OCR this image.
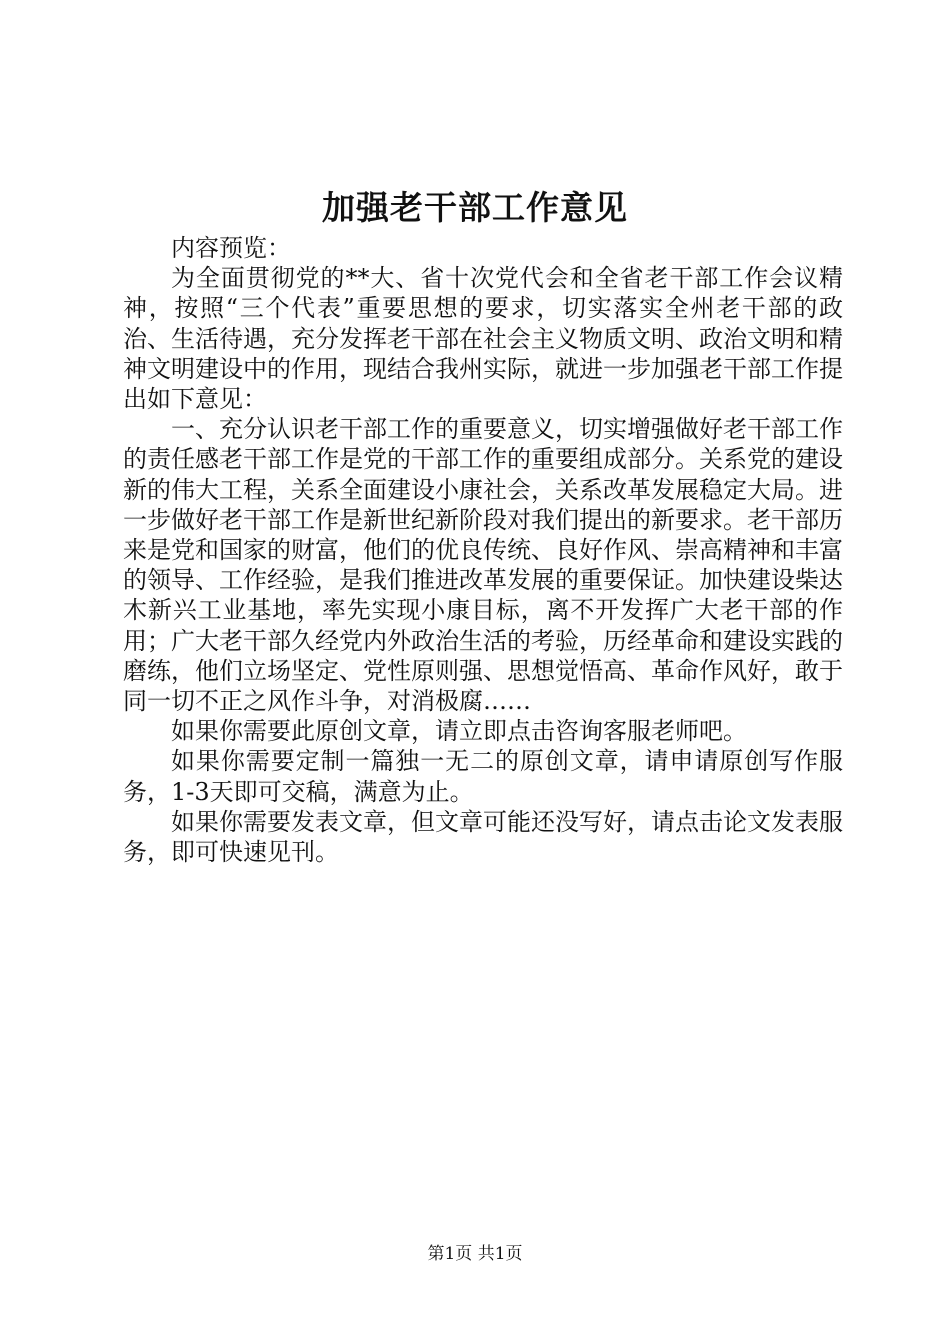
加强老干部工作意见

内容预览：

为全面贯彻党的**大、省十次党代会和全省老干部工作会议精神，按照“三个代表”重要思想的要求，切实落实全州老干部的政治、生活待遇，充分发挥老干部在社会主义物质文明、政治文明和精神文明建设中的作用，现结合我州实际，就进一步加强老干部工作提出如下意见：

一、充分认识老干部工作的重要意义，切实增强做好老干部工作的责任感老干部工作是党的干部工作的重要组成部分。关系党的建设新的伟大工程，关系全面建设小康社会，关系改革发展稳定大局。进一步做好老干部工作是新世纪新阶段对我们提出的新要求。老干部历来是党和国家的财富，他们的优良传统、良好作风、崇高精神和丰富的领导、工作经验，是我们推进改革发展的重要保证。加快建设柴达木新兴工业基地，率先实现小康目标，离不开发挥广大老干部的作用；广大老干部久经党内外政治生活的考验，历经革命和建设实践的磨练，他们立场坚定、党性原则强、思想觉悟高、革命作风好，敢于同一切不正之风作斗争，对消极腐……

如果你需要此原创文章，请立即点击咨询客服老师吧。

如果你需要定制一篇独一无二的原创文章，请申请原创写作服务，1-3天即可交稿，满意为止。

如果你需要发表文章，但文章可能还没写好，请点击论文发表服务，即可快速见刊。

第1页 共1页
